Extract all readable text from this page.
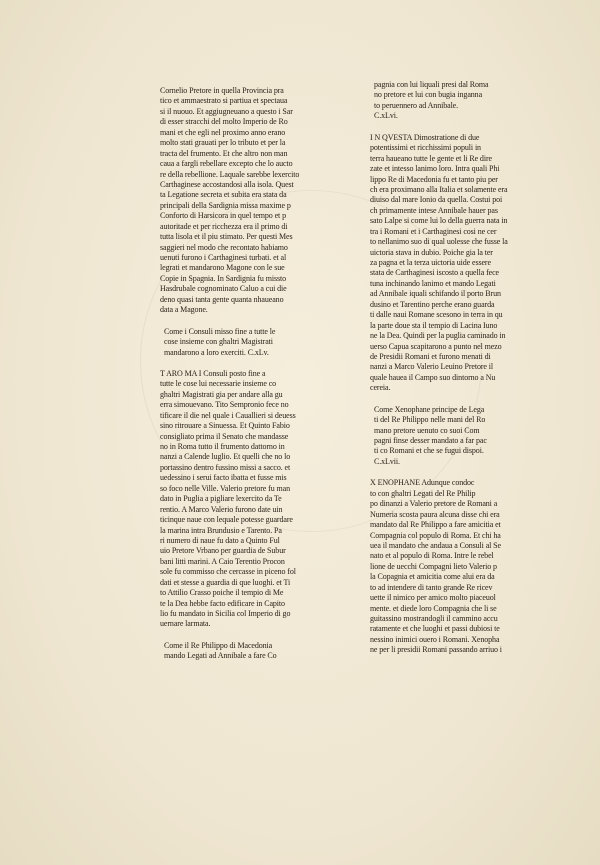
Cornelio Pretore in quella Provincia pra
tico et ammaestrato si partiua et spectaua
si il nuouo. Et aggiugneuano a questo i Sar
di esser stracchi del molto Imperio de Ro
mani et che egli nel proximo anno erano
molto stati grauati per lo tributo et per la
tracta del frumento. Et che altro non man
caua a fargli rebellare excepto che lo aucto
re della rebellione. Laquale sarebbe lexercito
Carthaginese accostandosi alla isola. Quest
ta Legatione secreta et subita era stata da
principali della Sardignia missa maxime p
Conforto di Harsicora in quel tempo et p
autoritade et per ricchezza era il primo di
tutta lisola et il piu stimato. Per questi Mes
saggieri nel modo che recontato habiamo
uenuti furono i Carthaginesi turbati. et al
legrati et mandarono Magone con le sue
Copie in Spagnia. In Sardignia fu missto
Hasdrubale cognominato Caluo a cui die
deno quasi tanta gente quanta nhaueano
data a Magone.
Come i Consuli misso fine a tutte le
cose insieme con ghaltri Magistrati
mandarono a loro exerciti. C.xLv.
T ARO MA I Consuli posto fine a
tutte le cose lui necessarie insieme co
ghaltri Magistrati gia per andare alla gu
erra simouevano. Tito Sempronio fece no
tificare il die nel quale i Cauallieri si deuess
sino ritrouare a Sinuessa. Et Quinto Fabio
consigliato prima il Senato che mandasse
no in Roma tutto il frumento dattorno in
nanzi a Calende luglio. Et quelli che no lo
portassino dentro fussino missi a sacco. et
uedessino i serui facto ibatta et fusse mis
so foco nelle Ville. Valerio pretore fu man
dato in Puglia a pigliare lexercito da Te
rentio. A Marco Valerio furono date uin
ticinque naue con lequale potesse guardare
la marina intra Brundusio e Tarento. Pa
ri numero di naue fu dato a Quinto Ful
uio Pretore Vrbano per guardia de Subur
bani litti marini. A Caio Terentio Procon
sole fu commisso che cercasse in piceno fol
dati et stesse a guardia di que luoghi. et Ti
to Attilio Crasso poiche il tempio di Me
te la Dea hebbe facto edificare in Capito
lio fu mandato in Sicilia col Imperio di go
uernare larmata.
Come il Re Philippo di Macedonia
mando Legati ad Annibale a fare Co
pagnia con lui liquali presi dal Roma
no pretore et lui con bugia inganna
to peruennero ad Annibale.
C.xLvi.
I N QVESTA Dimostratione di due
potentissimi et ricchissimi populi in
terra haueano tutte le gente et li Re dire
zate et intesso lanimo loro. Intra quali Phi
lippo Re di Macedonia fu et tanto piu per
ch era proximano alla Italia et solamente era
diuiso dal mare Ionio da quella. Costui poi
ch primamente intese Annibale hauer pas
sato Lalpe si come lui lo della guerra nata in
tra i Romani et i Carthaginesi cosi ne cer
to nellanimo suo di qual uolesse che fusse la
uictoria stava in dubio. Poiche gia la ter
za pagna et la terza uictoria uide essere
stata de Carthaginesi iscosto a quella fece
tuna inchinando lanimo et mando Legati
ad Annibale iquali schifando il porto Brun
dusino et Tarentino perche erano guarda
ti dalle naui Romane scesono in terra in qu
la parte doue sta il tempio di Lacina Iuno
ne la Dea. Quindi per la puglia caminado in
uerso Capua scapitarono a punto nel mezo
de Presidii Romani et furono menati di
nanzi a Marco Valerio Leuino Pretore il
quale hauea il Campo suo dintorno a Nu
cereia.
Come Xenophane principe de Lega
ti del Re Philippo nelle mani del Ro
mano pretore uenuto co suoi Com
pagni finse desser mandato a far pac
ti co Romani et che se fugui dispoi.
C.xLvii.
X ENOPHANE Adunque condoc
to con ghaltri Legati del Re Philip
po dinanzi a Valerio pretore de Romani a
Numeria scosta paura alcuna disse chi era
mandato dal Re Philippo a fare amicitia et
Compagnia col populo di Roma. Et chi ha
uea il mandato che andaua a Consuli al Se
nato et al populo di Roma. Intre le rebel
lione de uecchi Compagni lieto Valerio p
la Copagnia et amicitia come alui era da
to ad intendere di tanto grande Re ricev
uette il nimico per amico molto piaceuol
mente. et diede loro Compagnia che li se
guitassino mostrandogli il cammino accu
ratamente et che luoghi et passi dubiosi te
nessino inimici ouero i Romani. Xenopha
ne per li presidii Romani passando arriuo i
